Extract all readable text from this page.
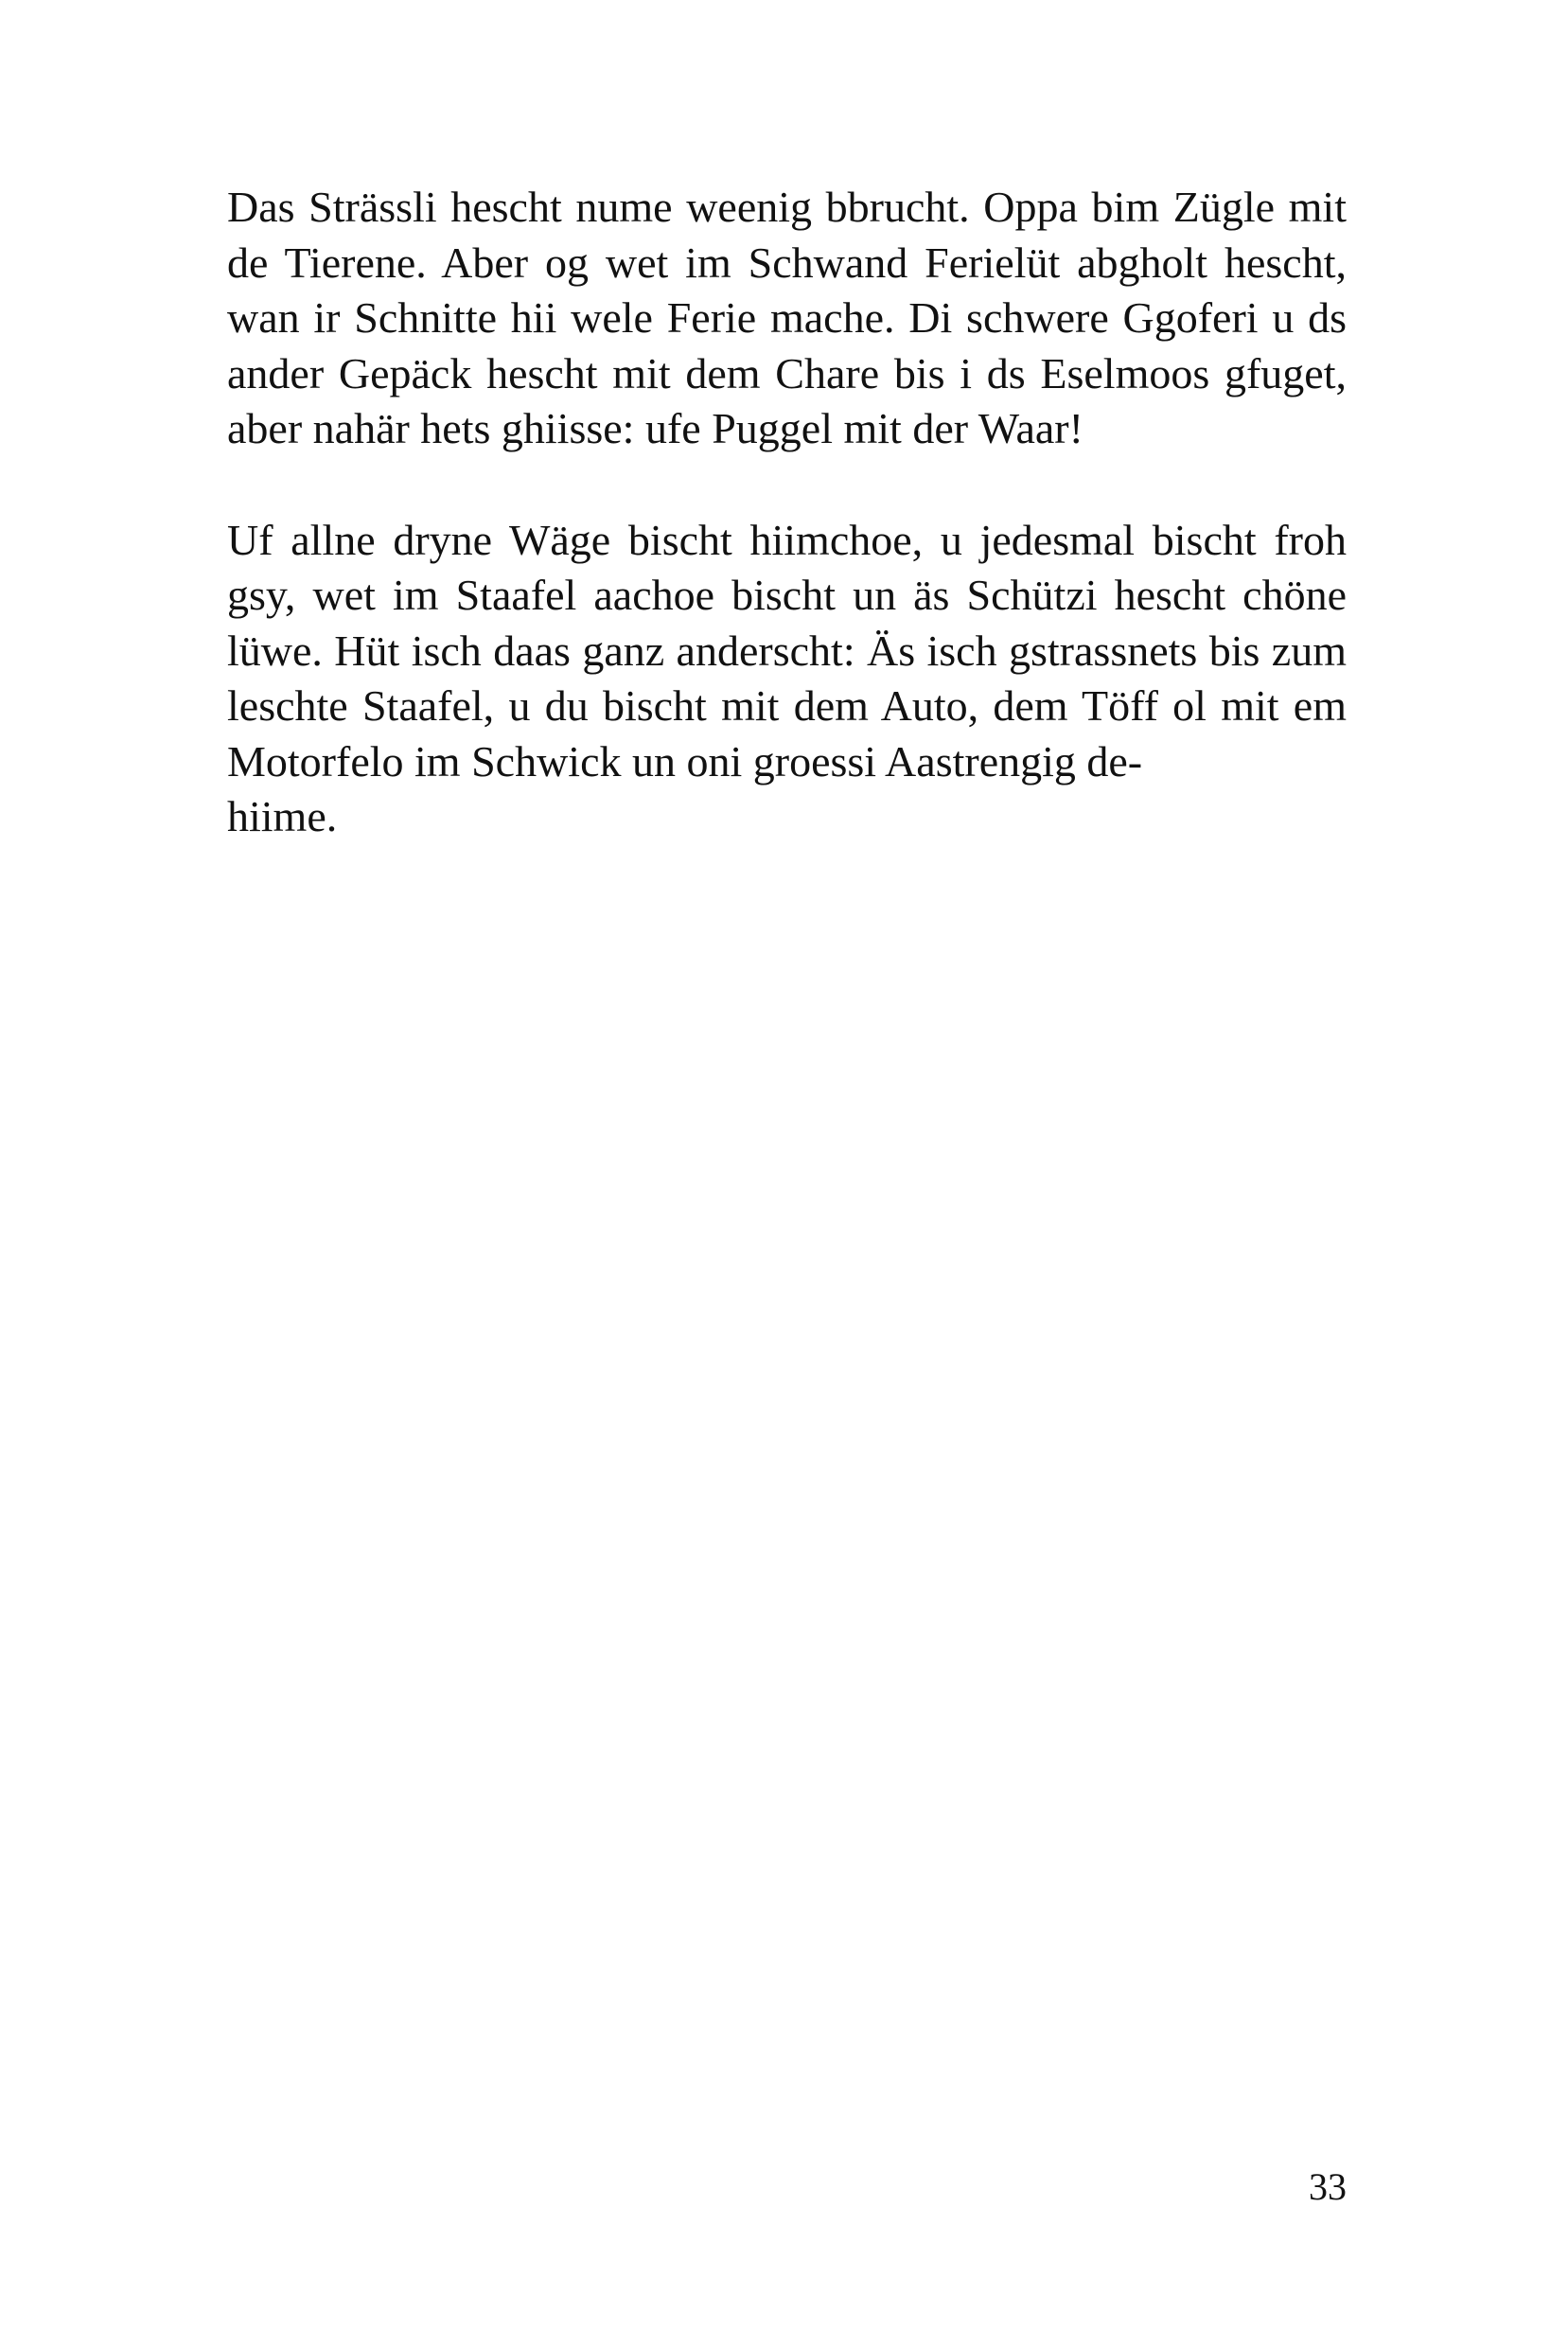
Das Strässli hescht nume weenig bbrucht. Oppa bim Zügle mit de Tierene. Aber og wet im Schwand Ferielüt abgholt hescht, wan ir Schnitte hii wele Ferie mache. Di schwere Ggoferi u ds ander Gepäck hescht mit dem Chare bis i ds Eselmoos gfuget, aber nahär hets ghiisse: ufe Puggel mit der Waar!

Uf allne dryne Wäge bischt hiimchoe, u jedesmal bischt froh gsy, wet im Staafel aachoe bischt un äs Schützi hescht chöne lüwe. Hüt isch daas ganz anderscht: Äs isch gstrassnets bis zum leschte Staafel, u du bischt mit dem Auto, dem Töff ol mit em Motorfelo im Schwick un oni groessi Aastrengig de-
hiime.

33
